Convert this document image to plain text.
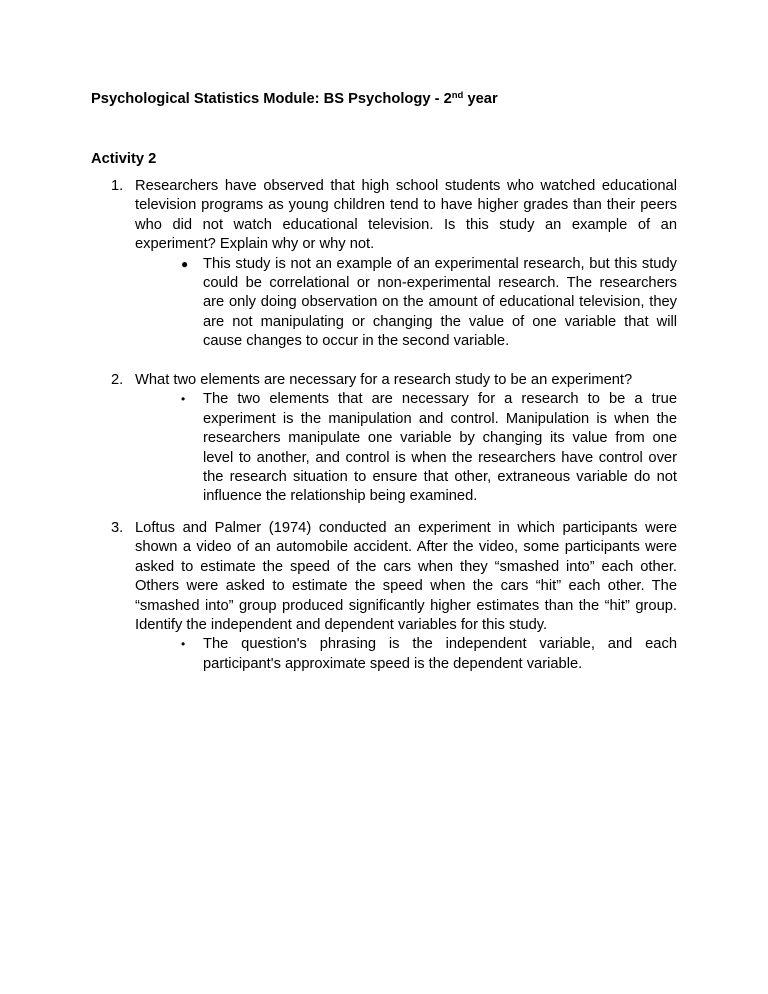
Psychological Statistics Module: BS Psychology - 2nd year
Activity 2
1. Researchers have observed that high school students who watched educational television programs as young children tend to have higher grades than their peers who did not watch educational television. Is this study an example of an experiment? Explain why or why not.
● This study is not an example of an experimental research, but this study could be correlational or non-experimental research. The researchers are only doing observation on the amount of educational television, they are not manipulating or changing the value of one variable that will cause changes to occur in the second variable.
2. What two elements are necessary for a research study to be an experiment?
• The two elements that are necessary for a research to be a true experiment is the manipulation and control. Manipulation is when the researchers manipulate one variable by changing its value from one level to another, and control is when the researchers have control over the research situation to ensure that other, extraneous variable do not influence the relationship being examined.
3. Loftus and Palmer (1974) conducted an experiment in which participants were shown a video of an automobile accident. After the video, some participants were asked to estimate the speed of the cars when they “smashed into” each other. Others were asked to estimate the speed when the cars “hit” each other. The “smashed into” group produced significantly higher estimates than the “hit” group. Identify the independent and dependent variables for this study.
• The question's phrasing is the independent variable, and each participant's approximate speed is the dependent variable.
